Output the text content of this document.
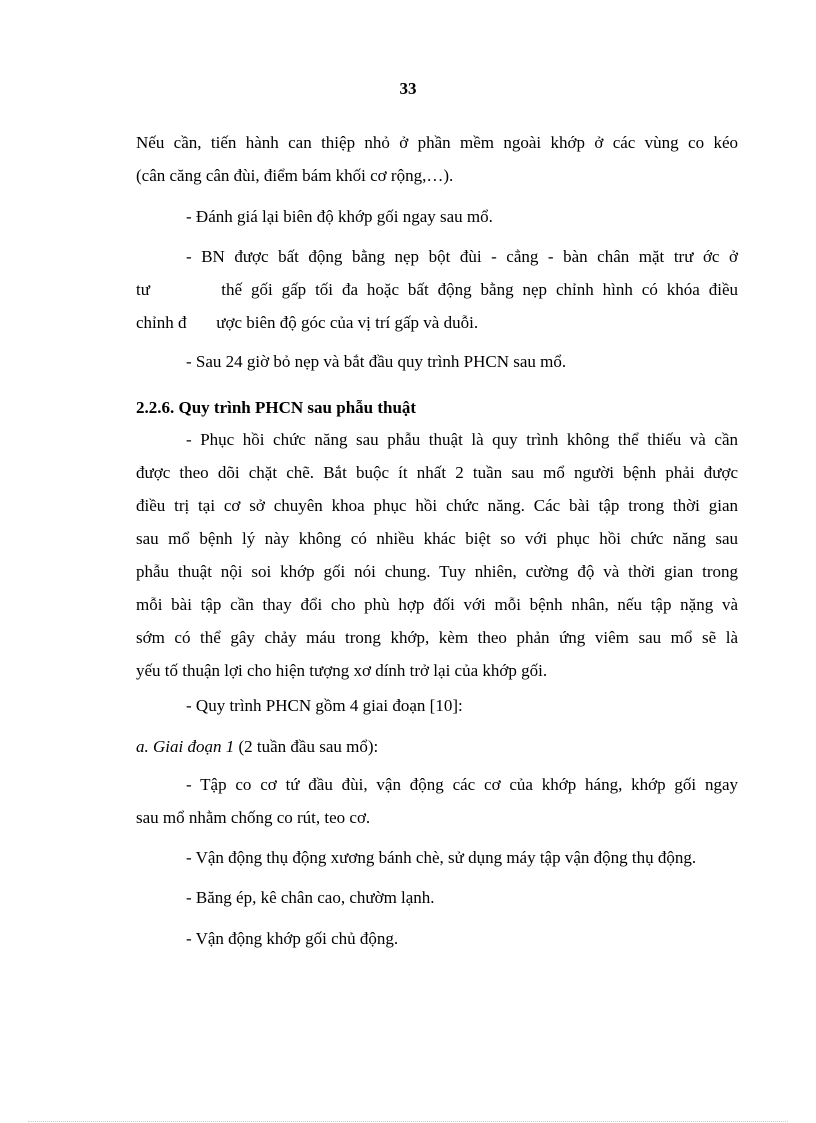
33
Nếu cần, tiến hành can thiệp nhỏ ở phần mềm ngoài khớp ở các vùng co kéo
(cân căng cân đùi, điểm bám khối cơ rộng,…).
- Đánh giá lại biên độ khớp gối ngay sau mổ.
- BN được bất động bằng nẹp bột đùi - cẳng - bàn chân mặt trư ớc ở
tư        thế gối gấp tối đa hoặc bất động bằng nẹp chỉnh hình có khóa điều
chỉnh đ       ược biên độ góc của vị trí gấp và duỗi.
- Sau 24 giờ bỏ nẹp và bắt đầu quy trình PHCN sau mổ.
2.2.6. Quy trình PHCN sau phẫu thuật
- Phục hồi chức năng sau phẫu thuật là quy trình không thể thiếu và cần
được theo dõi chặt chẽ. Bắt buộc ít nhất 2 tuần sau mổ người bệnh phải được
điều trị tại cơ sở chuyên khoa phục hồi chức năng. Các bài tập trong thời gian
sau mổ bệnh lý này không có nhiều khác biệt so với phục hồi chức năng sau
phẫu thuật nội soi khớp gối nói chung. Tuy nhiên, cường độ và thời gian trong
mỗi bài tập cần thay đổi cho phù hợp đối với mỗi bệnh nhân, nếu tập nặng và
sớm có thể gây chảy máu trong khớp, kèm theo phản ứng viêm sau mổ sẽ là
yếu tố thuận lợi cho hiện tượng xơ dính trở lại của khớp gối.
- Quy trình PHCN gồm 4 giai đoạn [10]:
a. Giai đoạn 1 (2 tuần đầu sau mổ):
- Tập co cơ tứ đầu đùi, vận động các cơ của khớp háng, khớp gối ngay
sau mổ nhằm chống co rút, teo cơ.
- Vận động thụ động xương bánh chè, sử dụng máy tập vận động thụ động.
- Băng ép, kê chân cao, chườm lạnh.
- Vận động khớp gối chủ động.
